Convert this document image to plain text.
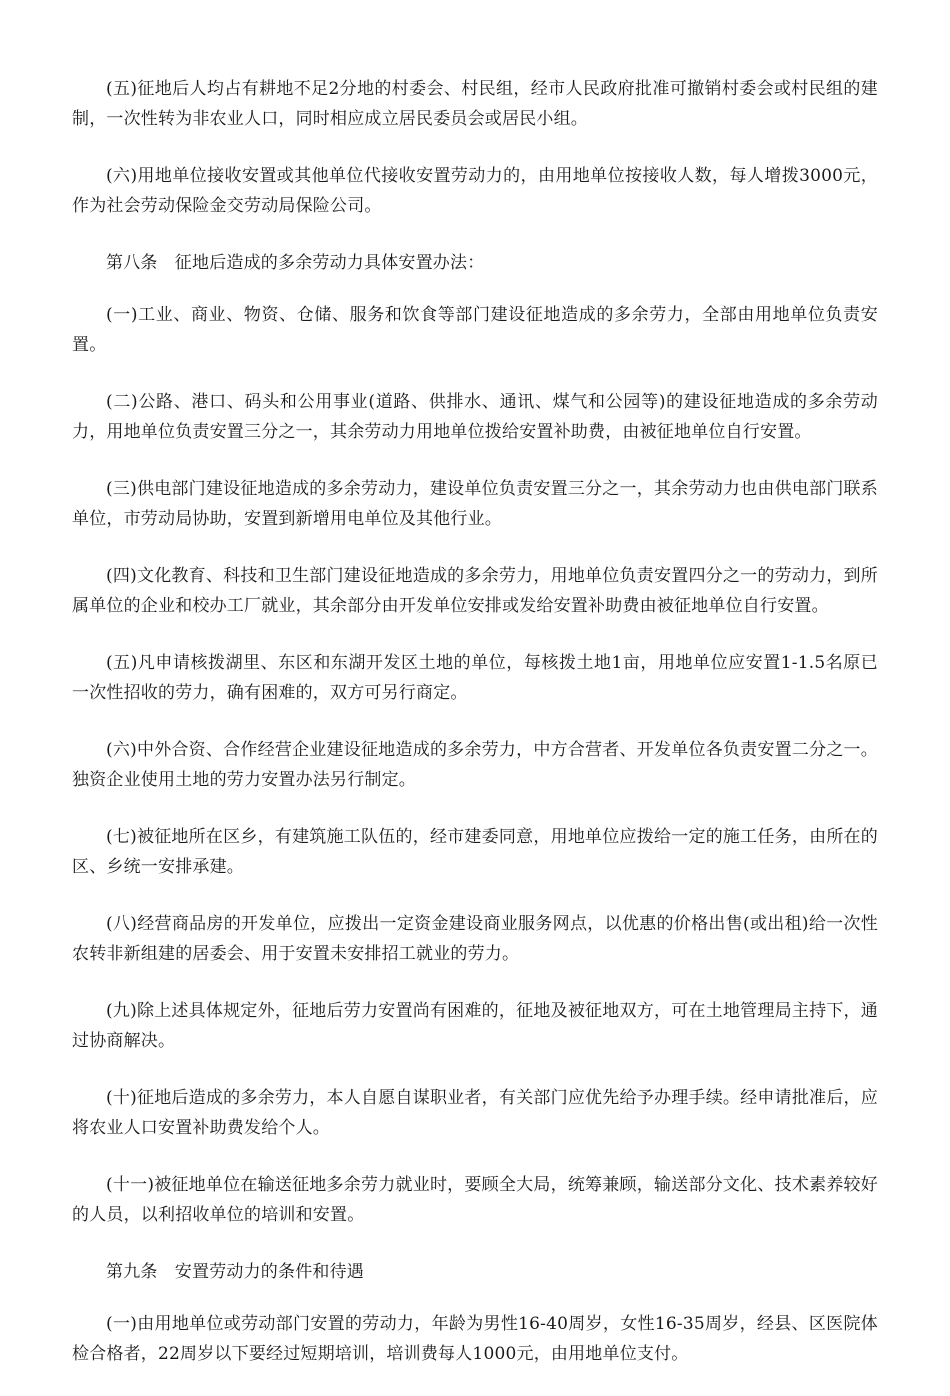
(五)征地后人均占有耕地不足2分地的村委会、村民组，经市人民政府批准可撤销村委会或村民组的建制，一次性转为非农业人口，同时相应成立居民委员会或居民小组。

(六)用地单位接收安置或其他单位代接收安置劳动力的，由用地单位按接收人数，每人增拨3000元，作为社会劳动保险金交劳动局保险公司。

第八条　征地后造成的多余劳动力具体安置办法：

(一)工业、商业、物资、仓储、服务和饮食等部门建设征地造成的多余劳力，全部由用地单位负责安置。

(二)公路、港口、码头和公用事业(道路、供排水、通讯、煤气和公园等)的建设征地造成的多余劳动力，用地单位负责安置三分之一，其余劳动力用地单位拨给安置补助费，由被征地单位自行安置。

(三)供电部门建设征地造成的多余劳动力，建设单位负责安置三分之一，其余劳动力也由供电部门联系单位，市劳动局协助，安置到新增用电单位及其他行业。

(四)文化教育、科技和卫生部门建设征地造成的多余劳力，用地单位负责安置四分之一的劳动力，到所属单位的企业和校办工厂就业，其余部分由开发单位安排或发给安置补助费由被征地单位自行安置。

(五)凡申请核拨湖里、东区和东湖开发区土地的单位，每核拨土地1亩，用地单位应安置1-1.5名原已一次性招收的劳力，确有困难的，双方可另行商定。

(六)中外合资、合作经营企业建设征地造成的多余劳力，中方合营者、开发单位各负责安置二分之一。独资企业使用土地的劳力安置办法另行制定。

(七)被征地所在区乡，有建筑施工队伍的，经市建委同意，用地单位应拨给一定的施工任务，由所在的区、乡统一安排承建。

(八)经营商品房的开发单位，应拨出一定资金建设商业服务网点，以优惠的价格出售(或出租)给一次性农转非新组建的居委会、用于安置未安排招工就业的劳力。

(九)除上述具体规定外，征地后劳力安置尚有困难的，征地及被征地双方，可在土地管理局主持下，通过协商解决。

(十)征地后造成的多余劳力，本人自愿自谋职业者，有关部门应优先给予办理手续。经申请批准后，应将农业人口安置补助费发给个人。

(十一)被征地单位在输送征地多余劳力就业时，要顾全大局，统筹兼顾，输送部分文化、技术素养较好的人员，以利招收单位的培训和安置。

第九条　安置劳动力的条件和待遇

(一)由用地单位或劳动部门安置的劳动力，年龄为男性16-40周岁，女性16-35周岁，经县、区医院体检合格者，22周岁以下要经过短期培训，培训费每人1000元，由用地单位支付。
